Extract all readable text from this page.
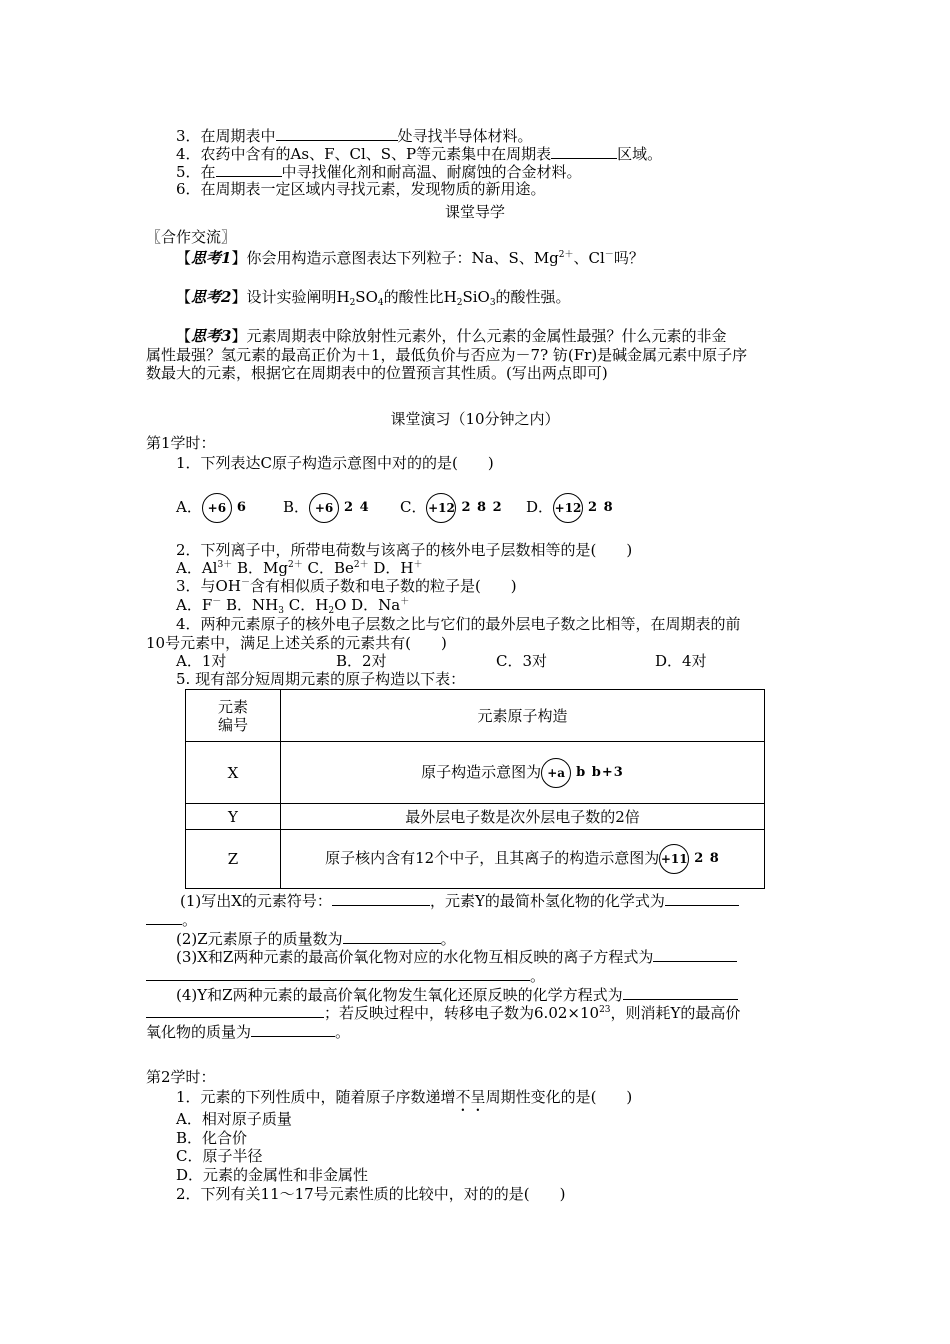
3．在周期表中	处寻找半导体材料。
4．农药中含有的As、F、Cl、S、P等元素集中在周期表	区域。
5．在	中寻找催化剂和耐高温、耐腐蚀的合金材料。
6．在周期表一定区域内寻找元素，发现物质的新用途。
课堂导学
〖合作交流〗
【思考1】你会用构造示意图表达下列粒子：Na、S、$Mg^{2+}$、Cl－吗？
【思考2】设计实验阐明$H_2SO_4$的酸性比$H_2SiO_3$的酸性强。
【思考3】元素周期表中除放射性元素外，什么元素的金属性最强？什么元素的非金
属性最强？氢元素的最高正价为＋1，最低负价与否应为－7? 钫(Fr)是碱金属元素中原子序
数最大的元素，根据它在周期表中的位置预言其性质。(写出两点即可)
课堂演习（10分钟之内）
第1学时：
1．下列表达C原子构造示意图中对的的是(　　)
A． +6 6 B． +6 2 4 C． +12 2 8 2 D． +12 2 8
2．下列离子中，所带电荷数与该离子的核外电子层数相等的是(　　)
A．$Al^{3+}$ B．$Mg^{2+}$ C．$Be^{2+}$ D．H＋
3．与OH－含有相似质子数和电子数的粒子是(　　)
A．F－ B．$NH_3$ C．$H_2O$ D．Na＋
4．两种元素原子的核外电子层数之比与它们的最外层电子数之比相等，在周期表的前
10号元素中，满足上述关系的元素共有(　　)
A．1对	B．2对	C．3对	D．4对
5. 现有部分短周期元素的原子构造以下表：
元素
编号	元素原子构造
X	原子构造示意图为 +a b b+3

Y	最外层电子数是次外层电子数的2倍
Z	原子核内含有12个中子，且其离子的构造示意图为 +11 2 8
(1)写出X的元素符号：	，元素Y的最简朴氢化物的化学式为
。
(2)Z元素原子的质量数为	。
(3)X和Z两种元素的最高价氧化物对应的水化物互相反映的离子方程式为
。
(4)Y和Z两种元素的最高价氧化物发生氧化还原反映的化学方程式为
；若反映过程中，转移电子数为$6.02\times 10^{23}$，则消耗Y的最高价
氧化物的质量为	。
第2学时：
1．元素的下列性质中，随着原子序数递增不呈周期性变化的是(　　)
A．相对原子质量
B．化合价
C．原子半径
D．元素的金属性和非金属性
2．下列有关11～17号元素性质的比较中，对的的是(　　)
